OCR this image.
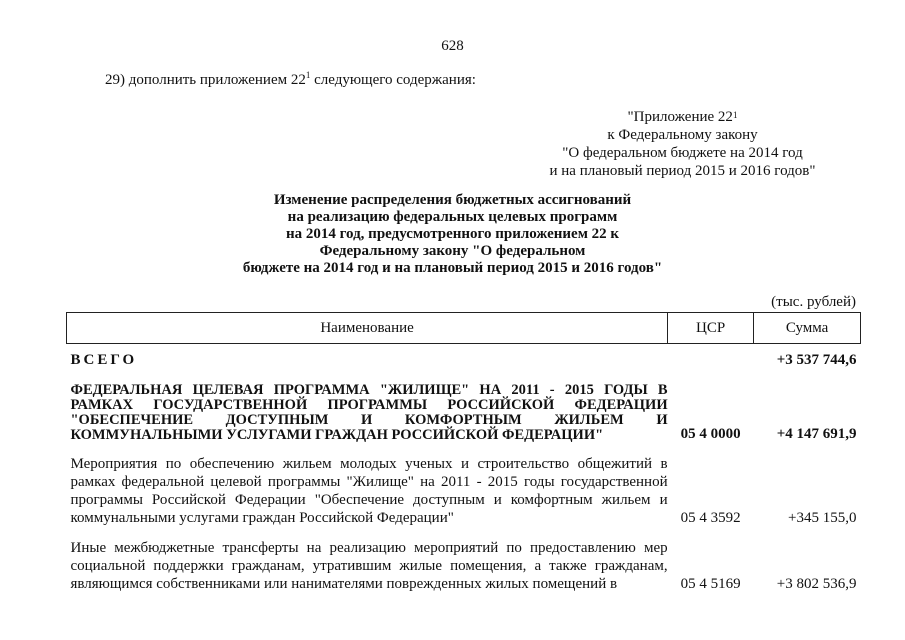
628
29) дополнить приложением $22^1$ следующего содержания:
"Приложение $22^1$
к Федеральному закону
"О федеральном бюджете на 2014 год
и на плановый период 2015 и 2016 годов"
Изменение распределения бюджетных ассигнований
на реализацию федеральных целевых программ
на 2014 год, предусмотренного приложением 22 к
Федеральному закону "О федеральном
бюджете на 2014 год и на плановый период 2015 и 2016 годов"
(тыс. рублей)
Наименование	ЦСР	Сумма
ВСЕГО		+3 537 744,6
ФЕДЕРАЛЬНАЯ ЦЕЛЕВАЯ ПРОГРАММА "ЖИЛИЩЕ" НА 2011 - 2015 ГОДЫ В РАМКАХ ГОСУДАРСТВЕННОЙ ПРОГРАММЫ РОССИЙСКОЙ ФЕДЕРАЦИИ "ОБЕСПЕЧЕНИЕ ДОСТУПНЫМ И КОМФОРТНЫМ ЖИЛЬЕМ И КОММУНАЛЬНЫМИ УСЛУГАМИ ГРАЖДАН РОССИЙСКОЙ ФЕДЕРАЦИИ"	05 4 0000	+4 147 691,9
Мероприятия по обеспечению жильем молодых ученых и строительство общежитий в рамках федеральной целевой программы "Жилище" на 2011 - 2015 годы государственной программы Российской Федерации "Обеспечение доступным и комфортным жильем и коммунальными услугами граждан Российской Федерации"	05 4 3592	+345 155,0

Иные межбюджетные трансферты на реализацию мероприятий по предоставлению мер социальной поддержки гражданам, утратившим жилые помещения, а также гражданам, являющимся собственниками или нанимателями поврежденных жилых помещений в	05 4 5169	+3 802 536,9
